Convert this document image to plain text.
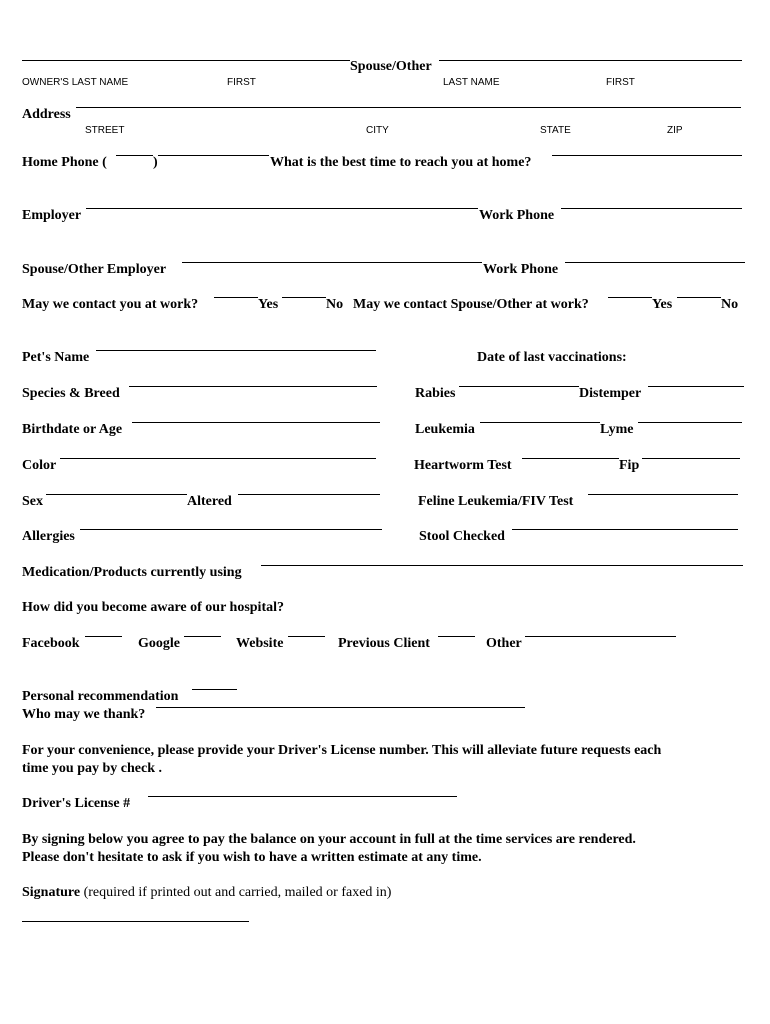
Spouse/Other
OWNER'S LAST NAME	FIRST	LAST NAME	FIRST
Address
STREET	CITY	STATE	ZIP
Home Phone (	)	What is the best time to reach you at home?
Employer	Work Phone
Spouse/Other Employer	Work Phone
May we contact you at work?	Yes	No May we contact Spouse/Other at work?	Yes	No
Pet's Name	Date of last vaccinations:
Species & Breed	Rabies	Distemper
Birthdate or Age	Leukemia	Lyme
Color	Heartworm Test	Fip
Sex	Altered	Feline Leukemia/FIV Test
Allergies	Stool Checked
Medication/Products currently using
How did you become aware of our hospital?
Facebook	Google	Website	Previous Client	Other
Personal recommendation
Who may we thank?
For your convenience, please provide your Driver's License number. This will alleviate future requests each
time you pay by check .
Driver's License #
By signing below you agree to pay the balance on your account in full at the time services are rendered.
Please don't hesitate to ask if you wish to have a written estimate at any time.
Signature (required if printed out and carried, mailed or faxed in)
